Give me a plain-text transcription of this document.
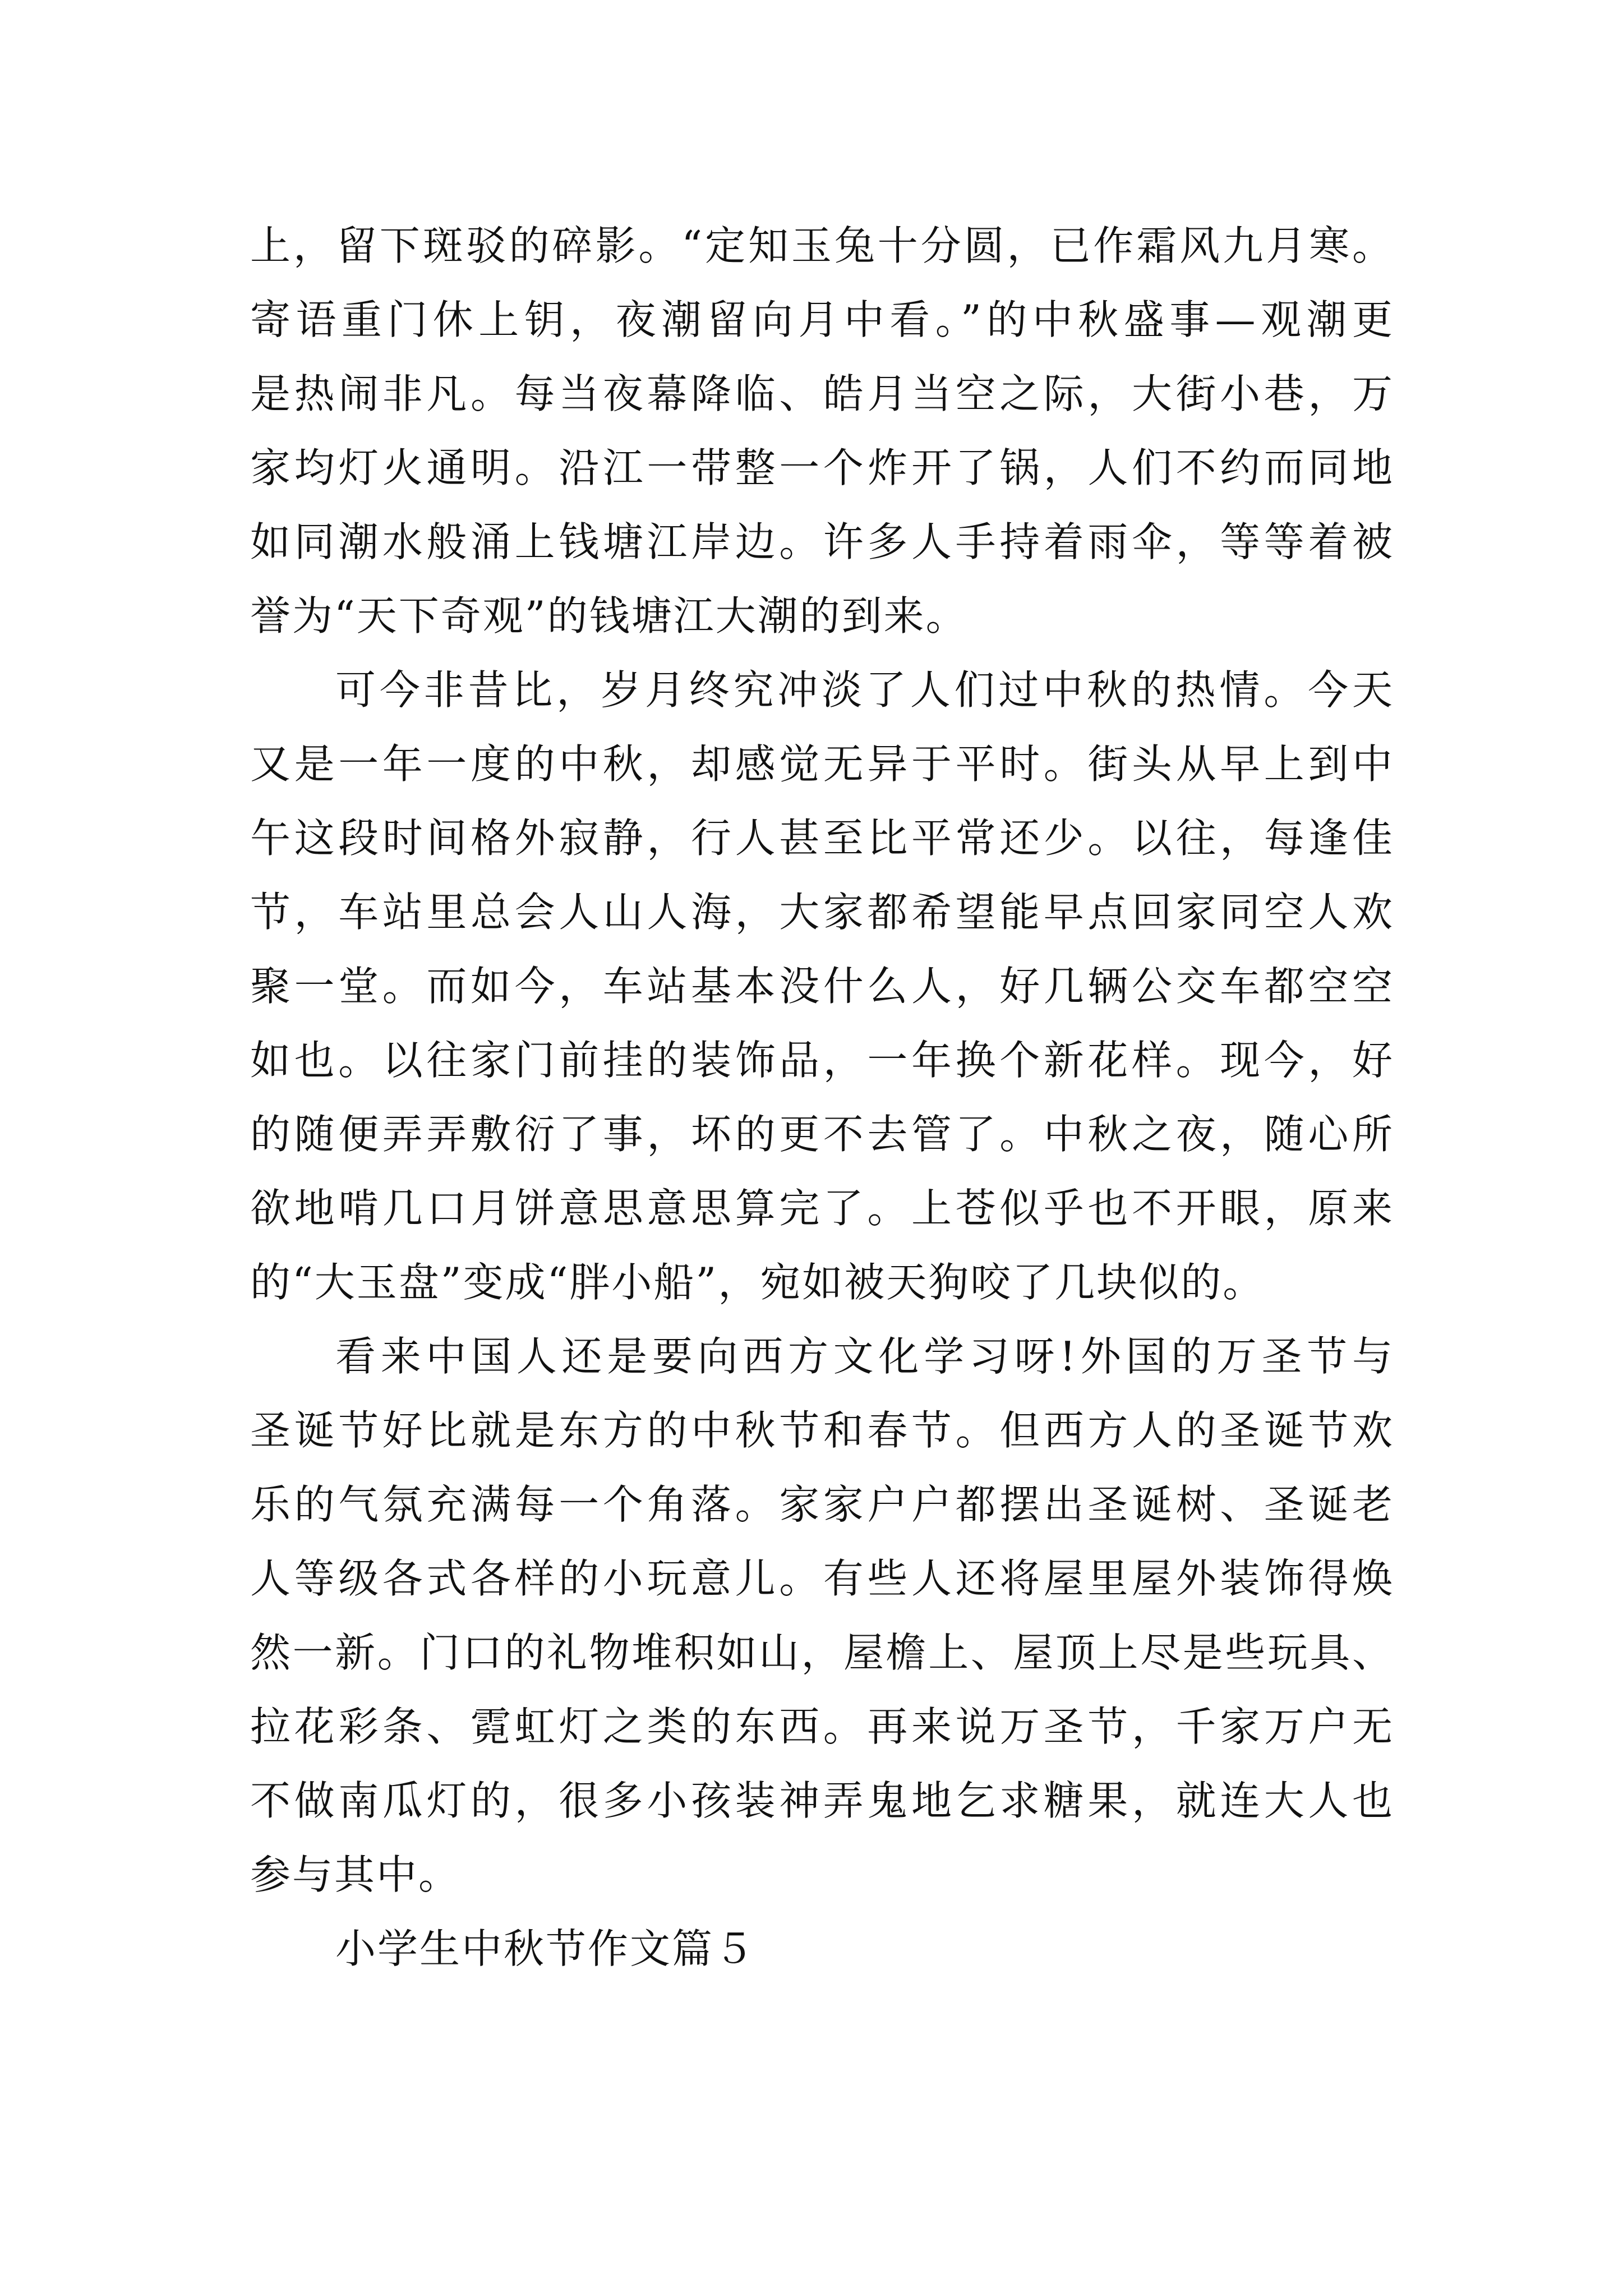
上，留下斑驳的碎影。“定知玉兔十分圆，已作霜风九月寒。
寄语重门休上钥，夜潮留向月中看。”的中秋盛事—观潮更
是热闹非凡。每当夜幕降临、皓月当空之际，大街小巷，万
家均灯火通明。沿江一带整一个炸开了锅，人们不约而同地
如同潮水般涌上钱塘江岸边。许多人手持着雨伞，等等着被
誉为“天下奇观”的钱塘江大潮的到来。
可今非昔比，岁月终究冲淡了人们过中秋的热情。今天
又是一年一度的中秋，却感觉无异于平时。街头从早上到中
午这段时间格外寂静，行人甚至比平常还少。以往，每逢佳
节，车站里总会人山人海，大家都希望能早点回家同空人欢
聚一堂。而如今，车站基本没什么人，好几辆公交车都空空
如也。以往家门前挂的装饰品，一年换个新花样。现今，好
的随便弄弄敷衍了事，坏的更不去管了。中秋之夜，随心所
欲地啃几口月饼意思意思算完了。上苍似乎也不开眼，原来
的“大玉盘”变成“胖小船”，宛如被天狗咬了几块似的。
看来中国人还是要向西方文化学习呀!外国的万圣节与
圣诞节好比就是东方的中秋节和春节。但西方人的圣诞节欢
乐的气氛充满每一个角落。家家户户都摆出圣诞树、圣诞老
人等级各式各样的小玩意儿。有些人还将屋里屋外装饰得焕
然一新。门口的礼物堆积如山，屋檐上、屋顶上尽是些玩具、
拉花彩条、霓虹灯之类的东西。再来说万圣节，千家万户无
不做南瓜灯的，很多小孩装神弄鬼地乞求糖果，就连大人也
参与其中。
小学生中秋节作文篇５
